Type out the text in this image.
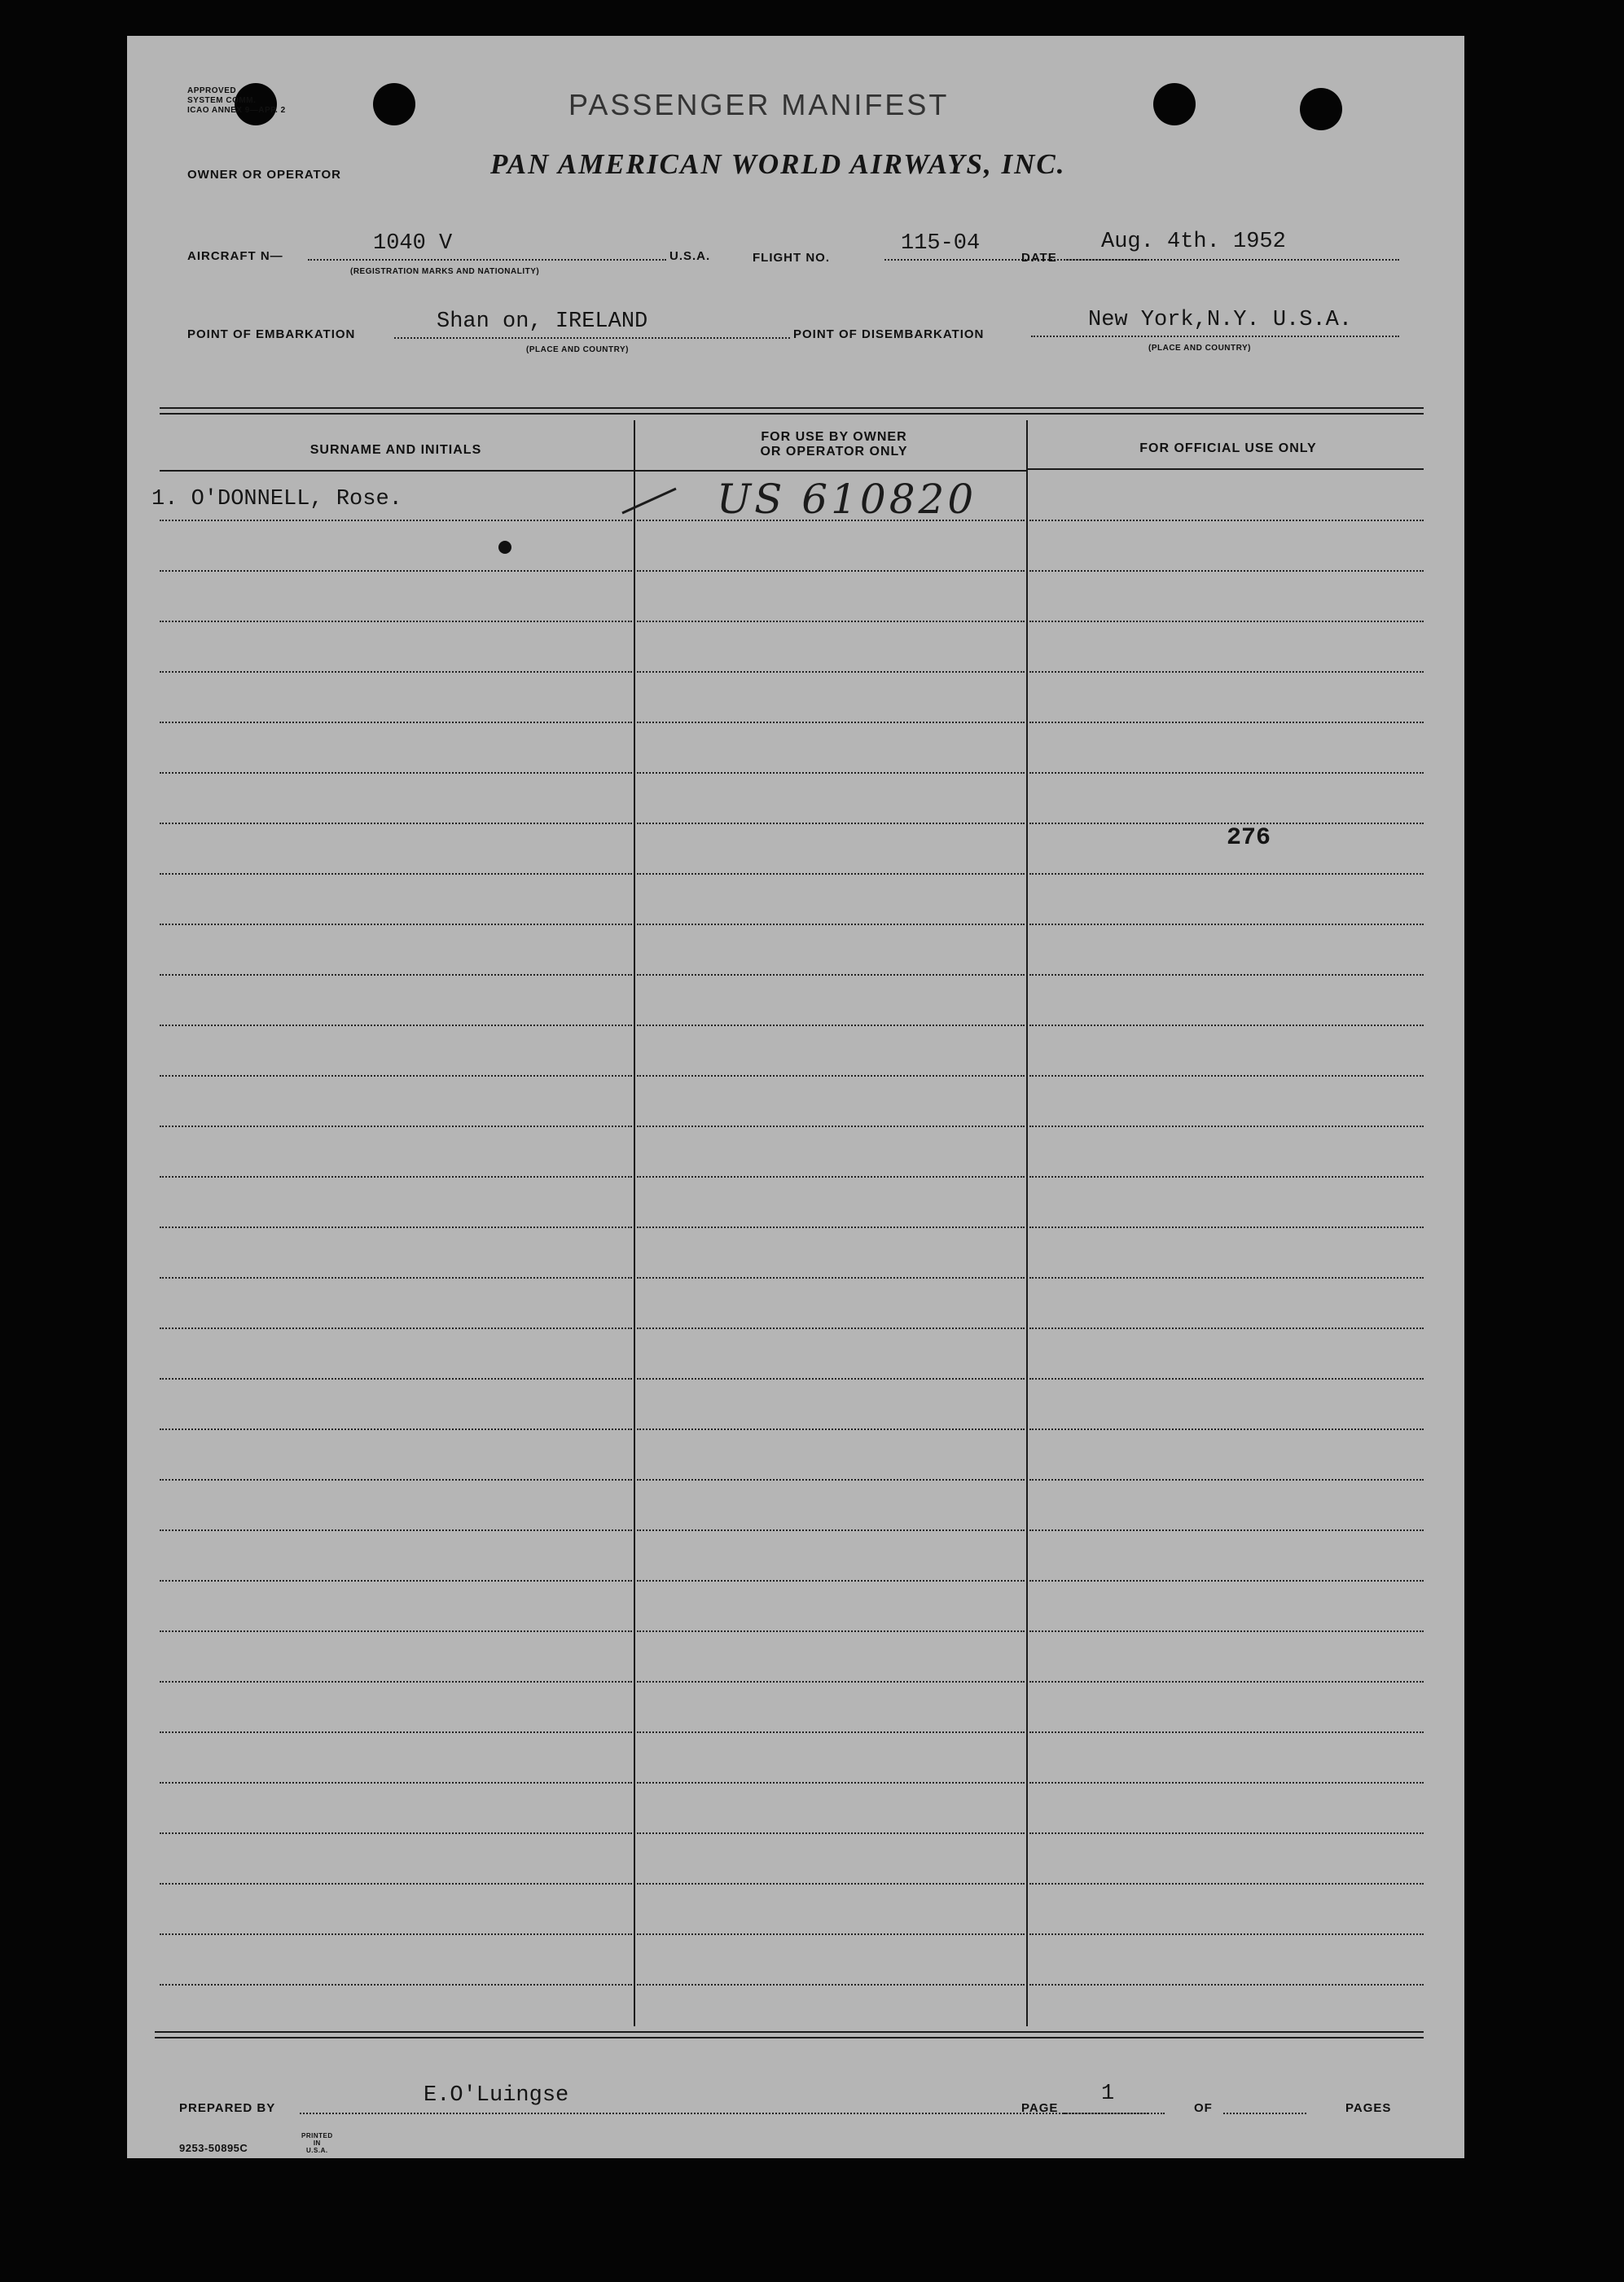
APPROVED
SYSTEM COMM.
ICAO ANNEX 9—APP. 2	PASSENGER MANIFEST
OWNER OR OPERATOR	PAN AMERICAN WORLD AIRWAYS, INC.
AIRCRAFT N—
1040 V
(REGISTRATION MARKS AND NATIONALITY)
U.S.A.	FLIGHT NO.
115-04
DATE
Aug. 4th. 1952
POINT OF EMBARKATION
Shan on, IRELAND
(PLACE AND COUNTRY)
POINT OF DISEMBARKATION
New York,N.Y. U.S.A.
(PLACE AND COUNTRY)
SURNAME AND INITIALS
FOR USE BY OWNER
OR OPERATOR ONLY	FOR OFFICIAL USE ONLY
1. O'DONNELL, Rose.	US 610820
276
PREPARED BY
E.O'Luingse
PAGE
1
OF	PAGES
9253-50895C
PRINTED
IN
U.S.A.
